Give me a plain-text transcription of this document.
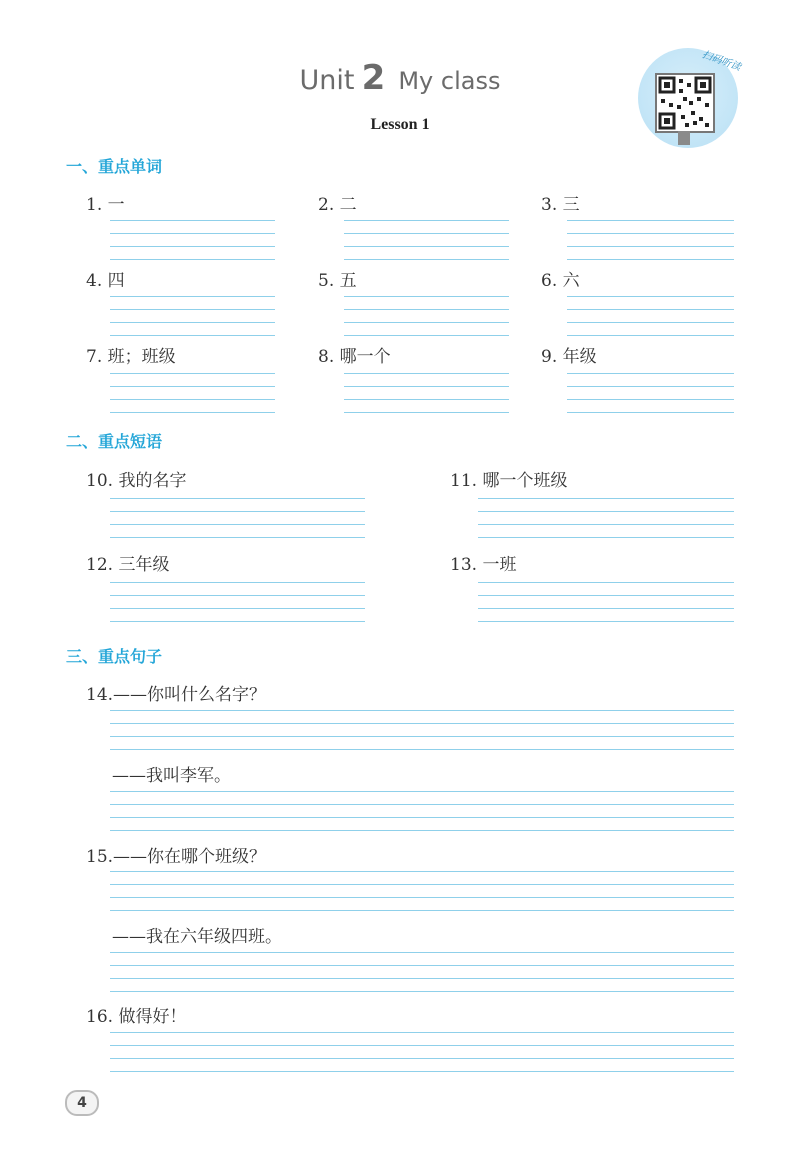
Unit 2 My class
Lesson 1
扫码听读
一、重点单词
1. 一	2. 二	3. 三
4. 四	5. 五	6. 六
7. 班；班级	8. 哪一个	9. 年级
二、重点短语
10. 我的名字	11. 哪一个班级
12. 三年级	13. 一班
三、重点句子
14.——你叫什么名字？
——我叫李军。
15.——你在哪个班级？
——我在六年级四班。
16. 做得好！
4
